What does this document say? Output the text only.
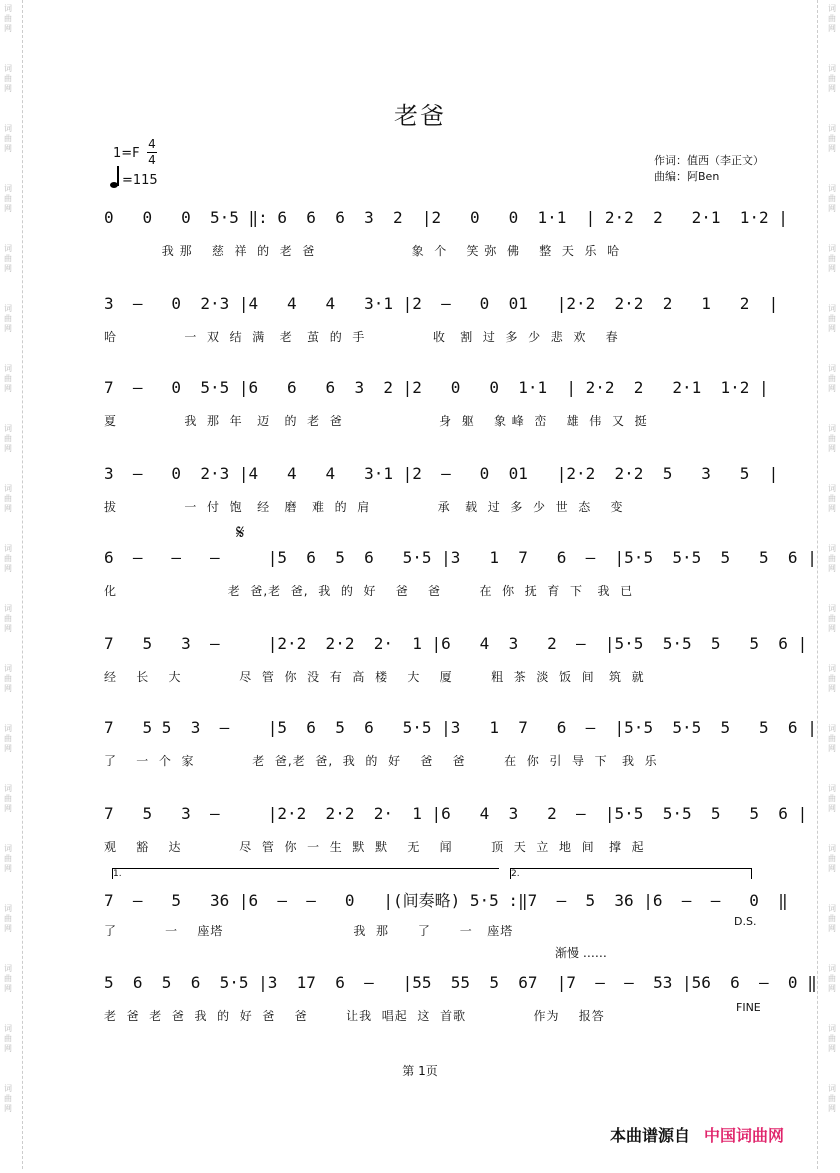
词
曲
网
词
曲
网
词
曲
网
词
曲
网
词
曲
网
词
曲
网
词
曲
网
词
曲
网
词
曲
网
词
曲
网
词
曲
网
词
曲
网
词
曲
网
词
曲
网
词
曲
网
词
曲
网
词
曲
网
词
曲
网
词
曲
网
词
曲
网
词
曲
网
词
曲
网
词
曲
网
词
曲
网
词
曲
网
词
曲
网
词
曲
网
词
曲
网
词
曲
网
词
曲
网
词
曲
网
词
曲
网
词
曲
网
词
曲
网
词
曲
网
词
曲
网
词
曲
网
词
曲
网
老爸
1=F
4
4
=115
作词：值西（李正文）
曲编：阿Ben
0   0   0  5·5 ‖: 6  6  6  3  2  |2   0   0  1·1  | 2·2  2   2·1  1·2 |
我 那    慈  祥  的  老  爸                    象  个    笑 弥  佛    整  天  乐  哈
3  –   0  2·3 |4   4   4   3·1 |2  –   0  01   |2·2  2·2  2   1   2  |
哈              一  双  结  满   老   茧  的  手              收   割  过  多  少  悲  欢    春
7  –   0  5·5 |6   6   6  3  2 |2   0   0  1·1  | 2·2  2   2·1  1·2 |
夏              我  那  年   迈   的  老  爸                    身  躯    象 峰  峦    雄  伟  又  挺
3  –   0  2·3 |4   4   4   3·1 |2  –   0  01   |2·2  2·2  5   3   5  |
拔              一  付  饱   经   磨   难  的  肩              承   载  过  多  少  世  态    变
6  –   –   –     |5  6  5  6   5·5 |3   1  7   6  –  |5·5  5·5  5   5  6 |
化                       老  爸,老  爸,  我  的  好    爸    爸        在  你  抚  育  下   我  已
7   5   3  –     |2·2  2·2  2·  1 |6   4  3   2  –  |5·5  5·5  5   5  6 |
经    长    大            尽  管  你  没  有  高  楼    大    厦        粗  茶  淡  饭  间   筑  就
7   5 5  3  –    |5  6  5  6   5·5 |3   1  7   6  –  |5·5  5·5  5   5  6 |
了    一  个  家            老  爸,老  爸,  我  的  好    爸    爸        在  你  引  导  下   我  乐
7   5   3  –     |2·2  2·2  2·  1 |6   4  3   2  –  |5·5  5·5  5   5  6 |
观    豁    达            尽  管  你  一  生  默  默    无    闻        顶  天  立  地  间   撑  起
7  –   5   36 |6  –  –   0   |(间奏略) 5·5 :‖7  –  5  36 |6  –  –   0  ‖
了          一    座塔                           我  那      了      一   座塔
5  6  5  6  5·5 |3  17  6  –   |55  55  5  67  |7  –  –  53 |56  6  –  0 ‖
老  爸  老  爸  我  的  好  爸    爸        让我  唱起  这  首歌              作为    报答
𝄋
1.	2.
渐慢 ……
D.S.
FINE
第 1页
本曲谱源自 中国词曲网
